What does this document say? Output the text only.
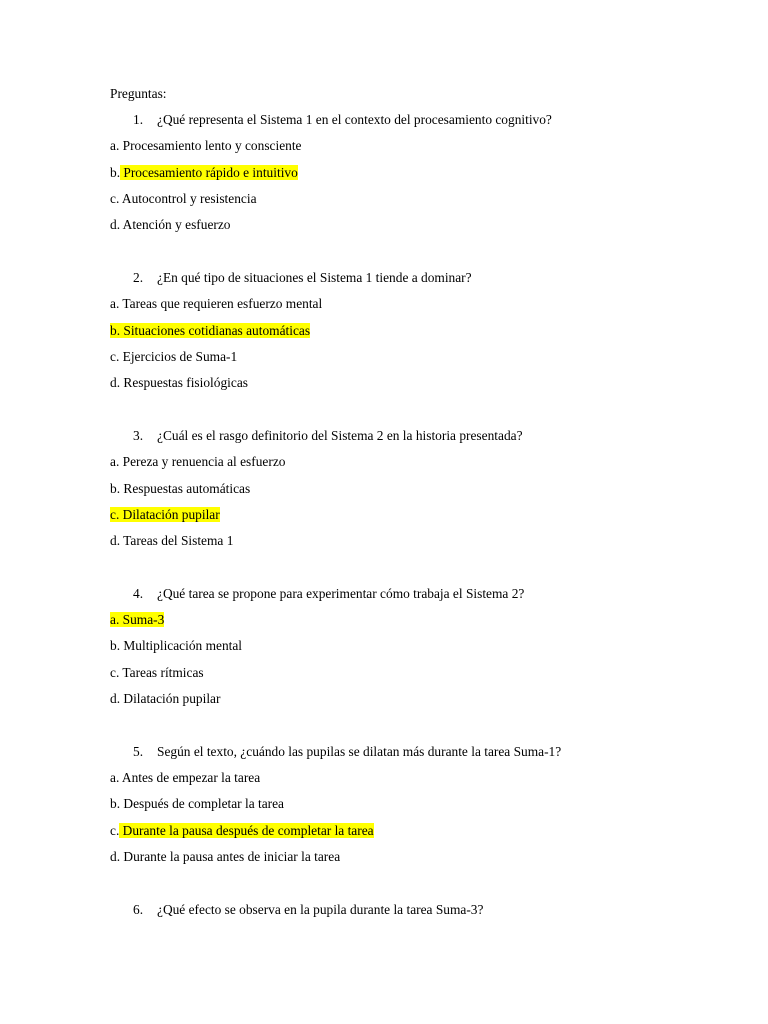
Preguntas:
1. ¿Qué representa el Sistema 1 en el contexto del procesamiento cognitivo?
a. Procesamiento lento y consciente
b. Procesamiento rápido e intuitivo
c. Autocontrol y resistencia
d. Atención y esfuerzo
2. ¿En qué tipo de situaciones el Sistema 1 tiende a dominar?
a. Tareas que requieren esfuerzo mental
b. Situaciones cotidianas automáticas
c. Ejercicios de Suma-1
d. Respuestas fisiológicas
3. ¿Cuál es el rasgo definitorio del Sistema 2 en la historia presentada?
a. Pereza y renuencia al esfuerzo
b. Respuestas automáticas
c. Dilatación pupilar
d. Tareas del Sistema 1
4. ¿Qué tarea se propone para experimentar cómo trabaja el Sistema 2?
a. Suma-3
b. Multiplicación mental
c. Tareas rítmicas
d. Dilatación pupilar
5. Según el texto, ¿cuándo las pupilas se dilatan más durante la tarea Suma-1?
a. Antes de empezar la tarea
b. Después de completar la tarea
c. Durante la pausa después de completar la tarea
d. Durante la pausa antes de iniciar la tarea
6. ¿Qué efecto se observa en la pupila durante la tarea Suma-3?
